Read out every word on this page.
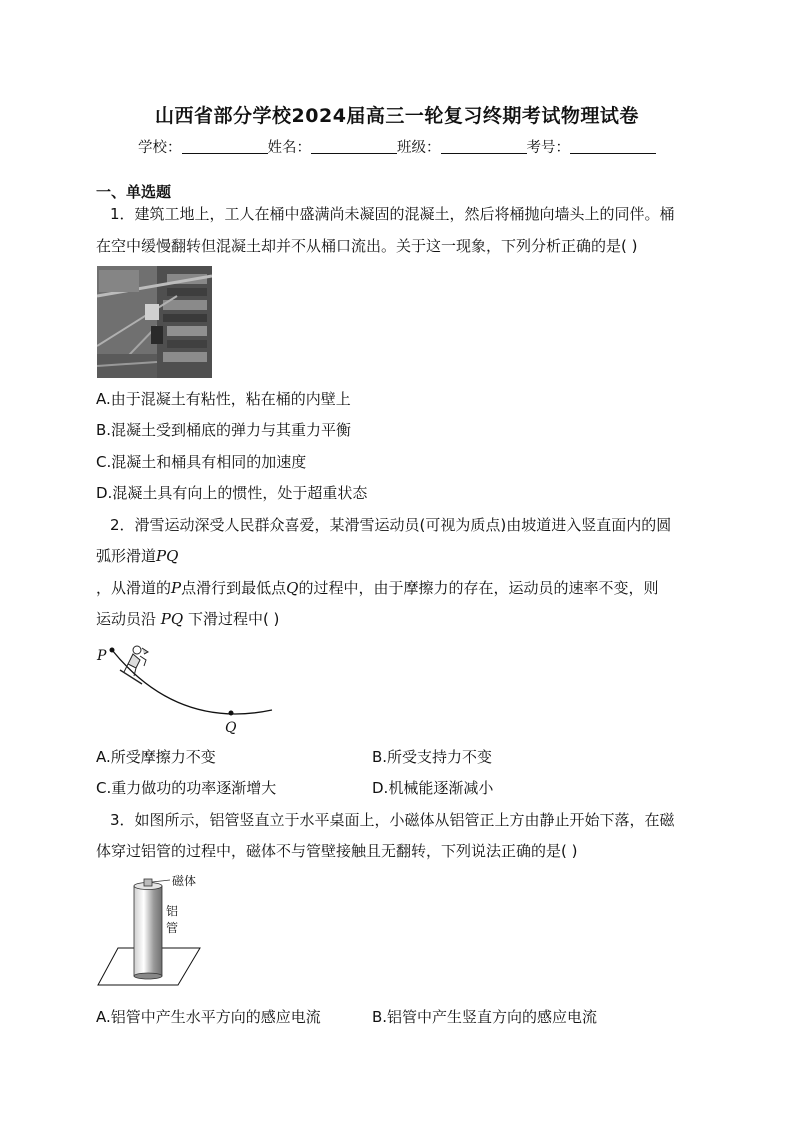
山西省部分学校2024届高三一轮复习终期考试物理试卷
学校：	姓名：	班级：	考号：
一、单选题
1．建筑工地上，工人在桶中盛满尚未凝固的混凝土，然后将桶抛向墙头上的同伴。桶
在空中缓慢翻转但混凝土却并不从桶口流出。关于这一现象，下列分析正确的是( )
A.由于混凝土有粘性，粘在桶的内壁上
B.混凝土受到桶底的弹力与其重力平衡
C.混凝土和桶具有相同的加速度
D.混凝土具有向上的惯性，处于超重状态
2．滑雪运动深受人民群众喜爱，某滑雪运动员(可视为质点)由坡道进入竖直面内的圆
弧形滑道PQ
，从滑道的P点滑行到最低点Q的过程中，由于摩擦力的存在，运动员的速率不变，则
运动员沿 PQ 下滑过程中( )
P
Q
A.所受摩擦力不变	B.所受支持力不变
C.重力做功的功率逐渐增大	D.机械能逐渐减小
3．如图所示，铝管竖直立于水平桌面上，小磁体从铝管正上方由静止开始下落，在磁
体穿过铝管的过程中，磁体不与管壁接触且无翻转，下列说法正确的是( )
磁体
铝
管
A.铝管中产生水平方向的感应电流	B.铝管中产生竖直方向的感应电流
